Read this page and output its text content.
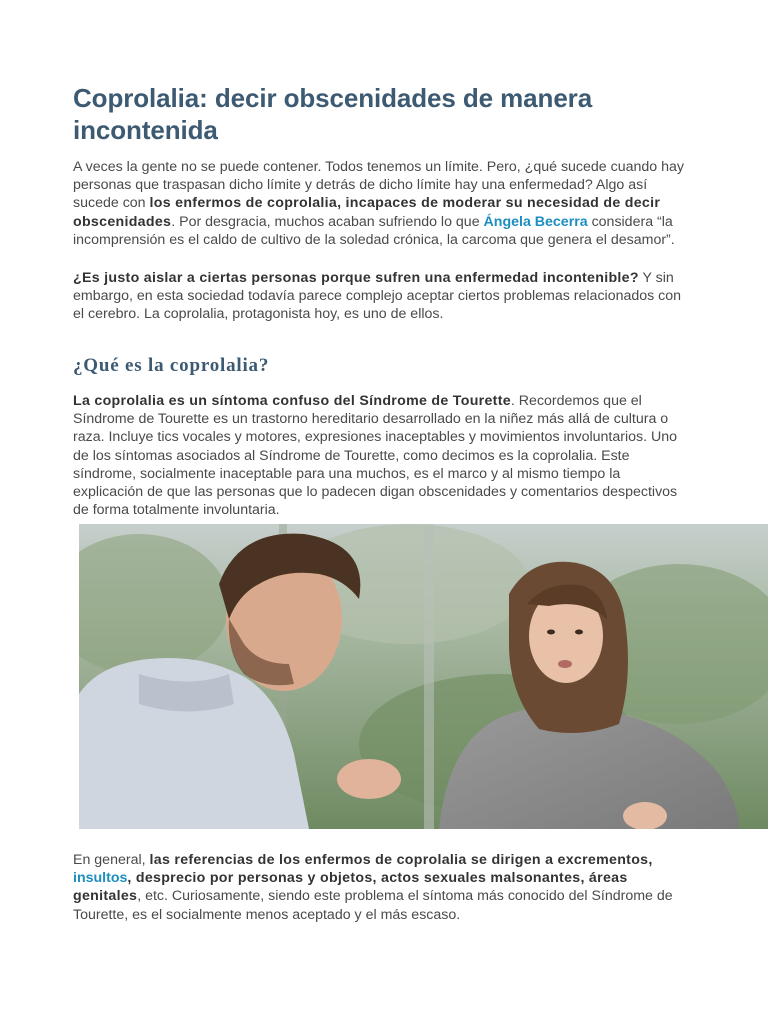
Coprolalia: decir obscenidades de manera incontenida

A veces la gente no se puede contener. Todos tenemos un límite. Pero, ¿qué sucede cuando hay personas que traspasan dicho límite y detrás de dicho límite hay una enfermedad? Algo así sucede con los enfermos de coprolalia, incapaces de moderar su necesidad de decir obscenidades. Por desgracia, muchos acaban sufriendo lo que Ángela Becerra considera “la incomprensión es el caldo de cultivo de la soledad crónica, la carcoma que genera el desamor”.

¿Es justo aislar a ciertas personas porque sufren una enfermedad incontenible? Y sin embargo, en esta sociedad todavía parece complejo aceptar ciertos problemas relacionados con el cerebro. La coprolalia, protagonista hoy, es uno de ellos.

¿Qué es la coprolalia?

La coprolalia es un síntoma confuso del Síndrome de Tourette. Recordemos que el Síndrome de Tourette es un trastorno hereditario desarrollado en la niñez más allá de cultura o raza. Incluye tics vocales y motores, expresiones inaceptables y movimientos involuntarios. Uno de los síntomas asociados al Síndrome de Tourette, como decimos es la coprolalia. Este síndrome, socialmente inaceptable para una muchos, es el marco y al mismo tiempo la explicación de que las personas que lo padecen digan obscenidades y comentarios despectivos de forma totalmente involuntaria.

En general, las referencias de los enfermos de coprolalia se dirigen a excrementos, insultos, desprecio por personas y objetos, actos sexuales malsonantes, áreas genitales, etc. Curiosamente, siendo este problema el síntoma más conocido del Síndrome de Tourette, es el socialmente menos aceptado y el más escaso.
